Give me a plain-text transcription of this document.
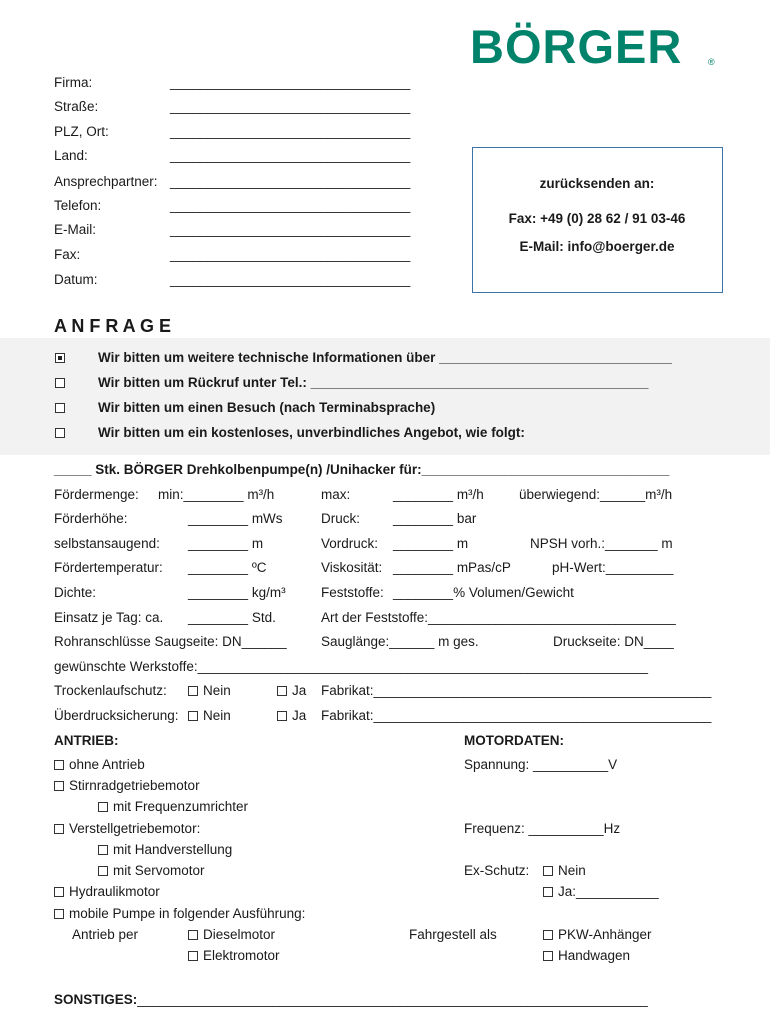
BÖRGER	®
Firma:	________________________________
Straße:	________________________________
PLZ, Ort:	________________________________
Land:	________________________________
Ansprechpartner: ________________________________
Telefon:	________________________________
E-Mail:	________________________________
Fax:	________________________________
Datum:	________________________________
zurücksenden an:
Fax: +49 (0) 28 62 / 91 03-46
E-Mail: info@boerger.de
A N F R A G E
Wir bitten um weitere technische Informationen über _______________________________
Wir bitten um Rückruf unter Tel.: _____________________________________________
Wir bitten um einen Besuch (nach Terminabsprache)
Wir bitten um ein kostenloses, unverbindliches Angebot, wie folgt:
_____ Stk. BÖRGER Drehkolbenpumpe(n) /Unihacker für:_________________________________
Fördermenge: min:________ m³/h	max:	________ m³/h	überwiegend:______m³/h
Förderhöhe:	________ mWs	Druck: ________ bar
selbstansaugend: ________ m	Vordruck: ________ m	NPSH vorh.:_______ m
Fördertemperatur: ________ ºC	Viskosität: ________ mPas/cP	pH-Wert:_________
Dichte:	________ kg/m³	Feststoffe: ________% Volumen/Gewicht
Einsatz je Tag: ca. ________ Std.	Art der Feststoffe:_________________________________
Rohranschlüsse Saugseite: DN______	Sauglänge:______ m ges.	Druckseite: DN____
gewünschte Werkstoffe:____________________________________________________________
Trockenlaufschutz:	Nein	Ja Fabrikat:_____________________________________________
Überdrucksicherung:	Nein	Ja Fabrikat:_____________________________________________
ANTRIEB:
ohne Antrieb
Stirnradgetriebemotor
mit Frequenzumrichter
Verstellgetriebemotor:
mit Handverstellung
mit Servomotor
Hydraulikmotor
mobile Pumpe in folgender Ausführung:
Antrieb per	Dieselmotor
Elektromotor
Fahrgestell als	PKW-Anhänger
Handwagen
MOTORDATEN:
Spannung: __________V
Frequenz: __________Hz
Ex-Schutz:	Nein
Ja:___________
SONSTIGES:____________________________________________________________________
